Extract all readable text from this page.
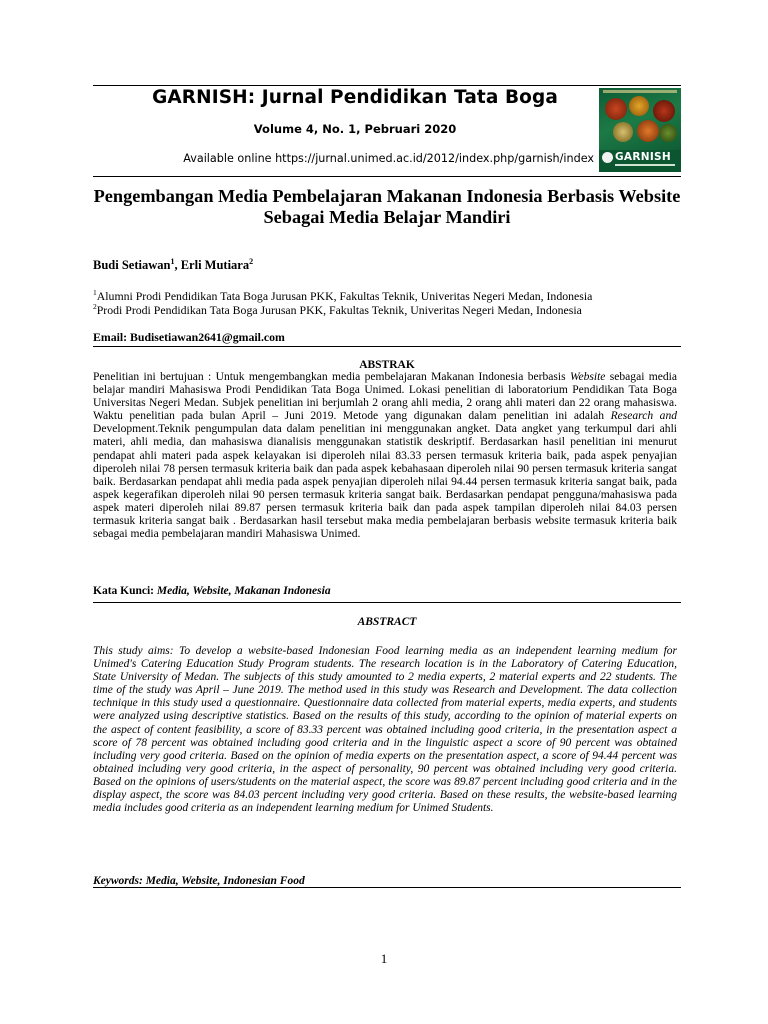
GARNISH: Jurnal Pendidikan Tata Boga
Volume 4, No. 1, Pebruari 2020
Available online https://jurnal.unimed.ac.id/2012/index.php/garnish/index GARNISH
Pengembangan Media Pembelajaran Makanan Indonesia Berbasis Website Sebagai Media Belajar Mandiri
Budi Setiawan$^1$, Erli Mutiara$^2$
$^1$Alumni Prodi Pendidikan Tata Boga Jurusan PKK, Fakultas Teknik, Univeritas Negeri Medan, Indonesia
$^2$Prodi Prodi Pendidikan Tata Boga Jurusan PKK, Fakultas Teknik, Univeritas Negeri Medan, Indonesia
Email: Budisetiawan2641@gmail.com
ABSTRAK
Penelitian ini bertujuan : Untuk mengembangkan media pembelajaran Makanan Indonesia berbasis Website sebagai media belajar mandiri Mahasiswa Prodi Pendidikan Tata Boga Unimed. Lokasi penelitian di laboratorium Pendidikan Tata Boga Universitas Negeri Medan. Subjek penelitian ini berjumlah 2 orang ahli media, 2 orang ahli materi dan 22 orang mahasiswa. Waktu penelitian pada bulan April – Juni 2019. Metode yang digunakan dalam penelitian ini adalah Research and Development.Teknik pengumpulan data dalam penelitian ini menggunakan angket. Data angket yang terkumpul dari ahli materi, ahli media, dan mahasiswa dianalisis menggunakan statistik deskriptif. Berdasarkan hasil penelitian ini menurut pendapat ahli materi pada aspek kelayakan isi diperoleh nilai 83.33 persen termasuk kriteria baik, pada aspek penyajian diperoleh nilai 78 persen termasuk kriteria baik dan pada aspek kebahasaan diperoleh nilai 90 persen termasuk kriteria sangat baik. Berdasarkan pendapat ahli media pada aspek penyajian diperoleh nilai 94.44 persen termasuk kriteria sangat baik, pada aspek kegerafikan diperoleh nilai 90 persen termasuk kriteria sangat baik. Berdasarkan pendapat pengguna/mahasiswa pada aspek materi diperoleh nilai 89.87 persen termasuk kriteria baik dan pada aspek tampilan diperoleh nilai 84.03 persen termasuk kriteria sangat baik . Berdasarkan hasil tersebut maka media pembelajaran berbasis website termasuk kriteria baik sebagai media pembelajaran mandiri Mahasiswa Unimed.
Kata Kunci: Media, Website, Makanan Indonesia
ABSTRACT
This study aims: To develop a website-based Indonesian Food learning media as an independent learning medium for Unimed's Catering Education Study Program students. The research location is in the Laboratory of Catering Education, State University of Medan. The subjects of this study amounted to 2 media experts, 2 material experts and 22 students. The time of the study was April – June 2019. The method used in this study was Research and Development. The data collection technique in this study used a questionnaire. Questionnaire data collected from material experts, media experts, and students were analyzed using descriptive statistics. Based on the results of this study, according to the opinion of material experts on the aspect of content feasibility, a score of 83.33 percent was obtained including good criteria, in the presentation aspect a score of 78 percent was obtained including good criteria and in the linguistic aspect a score of 90 percent was obtained including very good criteria. Based on the opinion of media experts on the presentation aspect, a score of 94.44 percent was obtained including very good criteria, in the aspect of personality, 90 percent was obtained including very good criteria. Based on the opinions of users/students on the material aspect, the score was 89.87 percent including good criteria and in the display aspect, the score was 84.03 percent including very good criteria. Based on these results, the website-based learning media includes good criteria as an independent learning medium for Unimed Students.
Keywords: Media, Website, Indonesian Food
1
